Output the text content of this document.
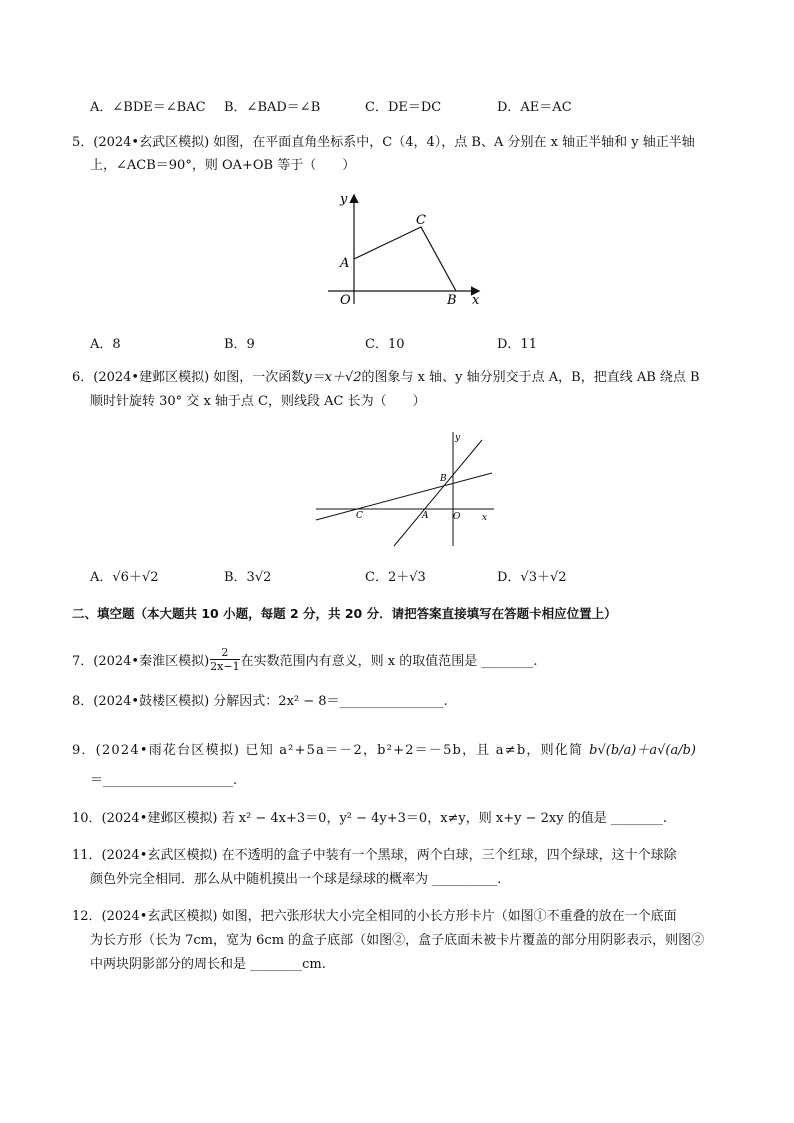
A．∠BDE＝∠BAC B．∠BAD＝∠B	C．DE＝DC	D．AE＝AC
5．(2024•玄武区模拟) 如图，在平面直角坐标系中，C（4，4），点 B、A 分别在 x 轴正半轴和 y 轴正半轴
上，∠ACB＝90°，则 OA+OB 等于（　　）
y
x
A
C
B
O
A．8	B．9	C．10	D．11
6．(2024•建邺区模拟) 如图，一次函数y＝x＋√2的图象与 x 轴、y 轴分别交于点 A，B，把直线 AB 绕点 B
顺时针旋转 30° 交 x 轴于点 C，则线段 AC 长为（　　）
y
x
B
C	A	O
A．√6＋√2	B．3√2	C．2＋√3	D．√3＋√2
二、填空题（本大题共 10 小题，每题 2 分，共 20 分．请把答案直接填写在答题卡相应位置上）
7．(2024•秦淮区模拟) $\frac{2}{2x-1}$ 在实数范围内有意义，则 x 的取值范围是 ________.
8．(2024•鼓楼区模拟) 分解因式：2x² − 8＝________________.
9．(2024•雨花台区模拟) 已知 a²+5a＝－2，b²+2＝－5b，且 a≠b，则化简 b√(b/a)＋a√(a/b)
＝____________________.
10．(2024•建邺区模拟) 若 x² − 4x+3＝0，y² − 4y+3＝0，x≠y，则 x+y − 2xy 的值是 ________.
11．(2024•玄武区模拟) 在不透明的盒子中装有一个黑球，两个白球，三个红球，四个绿球，这十个球除
颜色外完全相同．那么从中随机摸出一个球是绿球的概率为 __________.
12．(2024•玄武区模拟) 如图，把六张形状大小完全相同的小长方形卡片（如图①不重叠的放在一个底面
为长方形（长为 7cm，宽为 6cm 的盒子底部（如图②，盒子底面未被卡片覆盖的部分用阴影表示，则图②
中两块阴影部分的周长和是 ________cm.
